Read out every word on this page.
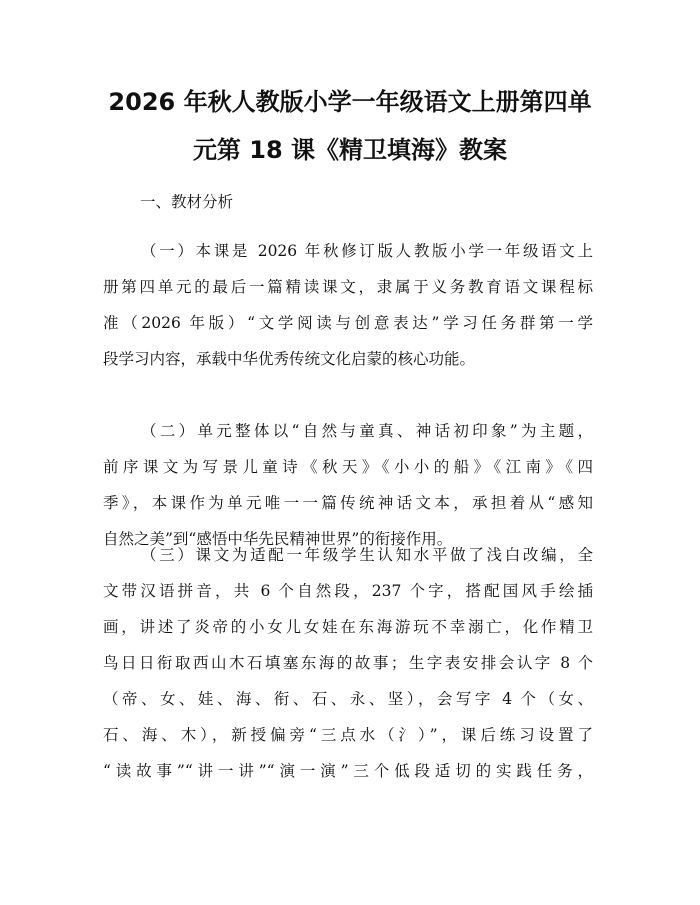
2026 年秋人教版小学一年级语文上册第四单
元第 18 课《精卫填海》教案

一、教材分析

（一）本课是 2026 年秋修订版人教版小学一年级语文上
册第四单元的最后一篇精读课文，隶属于义务教育语文课程标
准（2026 年版）“文学阅读与创意表达”学习任务群第一学
段学习内容，承载中华优秀传统文化启蒙的核心功能。
（二）单元整体以“自然与童真、神话初印象”为主题，
前序课文为写景儿童诗《秋天》《小小的船》《江南》《四
季》，本课作为单元唯一一篇传统神话文本，承担着从“感知
自然之美”到“感悟中华先民精神世界”的衔接作用。
（三）课文为适配一年级学生认知水平做了浅白改编，全
文带汉语拼音，共 6 个自然段，237 个字，搭配国风手绘插
画，讲述了炎帝的小女儿女娃在东海游玩不幸溺亡，化作精卫
鸟日日衔取西山木石填塞东海的故事；生字表安排会认字 8 个
（帝、女、娃、海、衔、石、永、坚），会写字 4 个（女、
石、海、木），新授偏旁“三点水（氵）”，课后练习设置了
“读故事”“讲一讲”“演一演”三个低段适切的实践任务，
